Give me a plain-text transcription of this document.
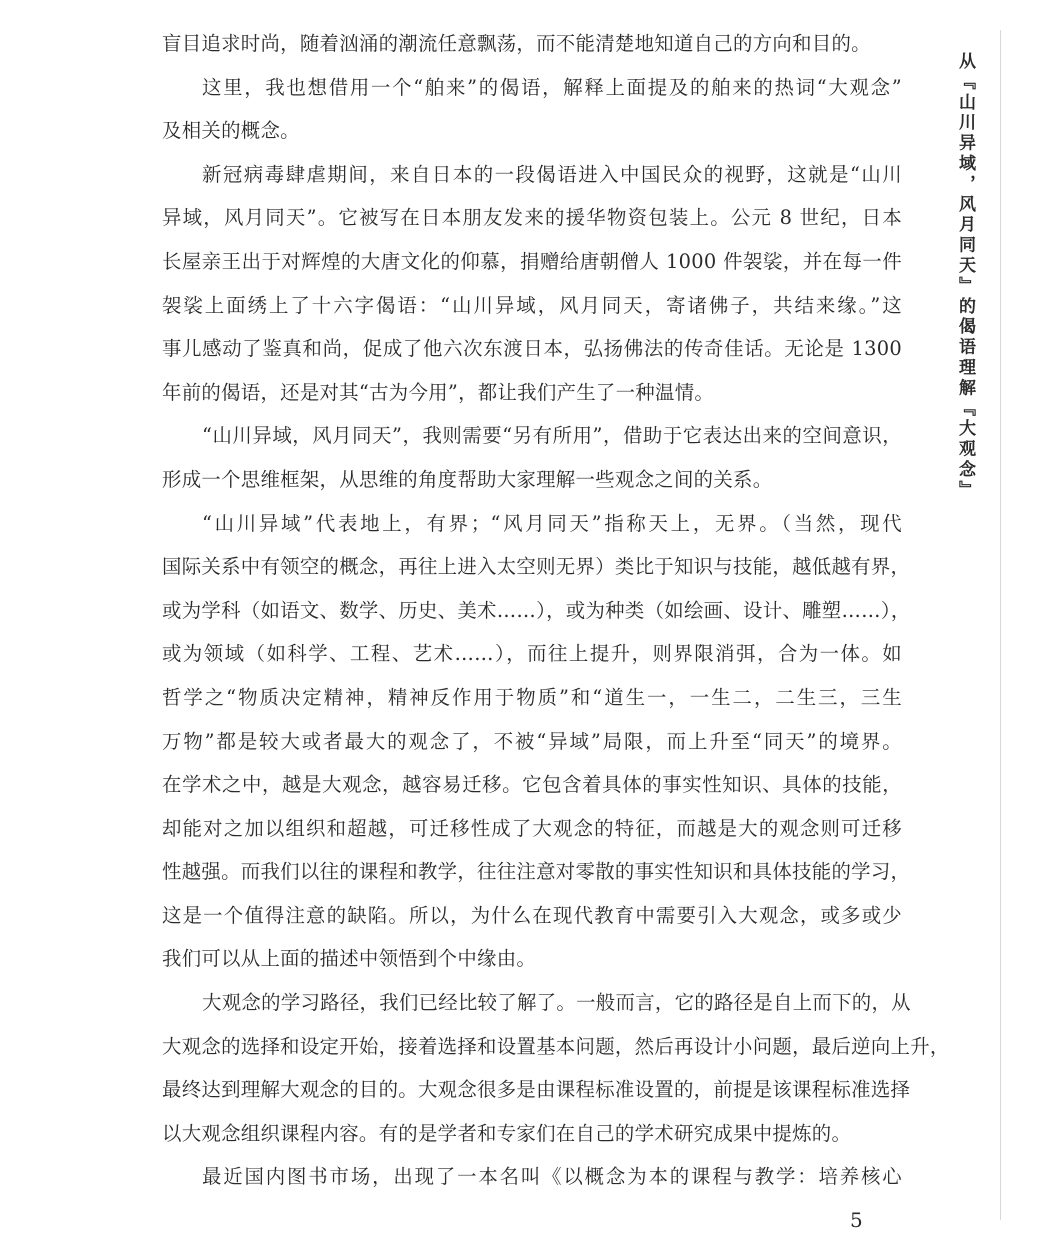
盲目追求时尚，随着汹涌的潮流任意飘荡，而不能清楚地知道自己的方向和目的。
这里，我也想借用一个“舶来”的偈语，解释上面提及的舶来的热词“大观念”
及相关的概念。
新冠病毒肆虐期间，来自日本的一段偈语进入中国民众的视野，这就是“山川
异域，风月同天”。它被写在日本朋友发来的援华物资包装上。公元 8 世纪，日本
长屋亲王出于对辉煌的大唐文化的仰慕，捐赠给唐朝僧人 1000 件袈裟，并在每一件
袈裟上面绣上了十六字偈语：“山川异域，风月同天，寄诸佛子，共结来缘。”这
事儿感动了鉴真和尚，促成了他六次东渡日本，弘扬佛法的传奇佳话。无论是 1300
年前的偈语，还是对其“古为今用”，都让我们产生了一种温情。
“山川异域，风月同天”，我则需要“另有所用”，借助于它表达出来的空间意识，
形成一个思维框架，从思维的角度帮助大家理解一些观念之间的关系。
“山川异域”代表地上，有界；“风月同天”指称天上，无界。（当然，现代
国际关系中有领空的概念，再往上进入太空则无界）类比于知识与技能，越低越有界，
或为学科（如语文、数学、历史、美术……），或为种类（如绘画、设计、雕塑……），
或为领域（如科学、工程、艺术……），而往上提升，则界限消弭，合为一体。如
哲学之“物质决定精神，精神反作用于物质”和“道生一，一生二，二生三，三生
万物”都是较大或者最大的观念了，不被“异域”局限，而上升至“同天”的境界。
在学术之中，越是大观念，越容易迁移。它包含着具体的事实性知识、具体的技能，
却能对之加以组织和超越，可迁移性成了大观念的特征，而越是大的观念则可迁移
性越强。而我们以往的课程和教学，往往注意对零散的事实性知识和具体技能的学习，
这是一个值得注意的缺陷。所以，为什么在现代教育中需要引入大观念，或多或少
我们可以从上面的描述中领悟到个中缘由。
大观念的学习路径，我们已经比较了解了。一般而言，它的路径是自上而下的，从
大观念的选择和设定开始，接着选择和设置基本问题，然后再设计小问题，最后逆向上升，
最终达到理解大观念的目的。大观念很多是由课程标准设置的，前提是该课程标准选择
以大观念组织课程内容。有的是学者和专家们在自己的学术研究成果中提炼的。
最近国内图书市场，出现了一本名叫《以概念为本的课程与教学：培养核心
从『山川异域，风月同天』的偈语理解『大观念』
5
